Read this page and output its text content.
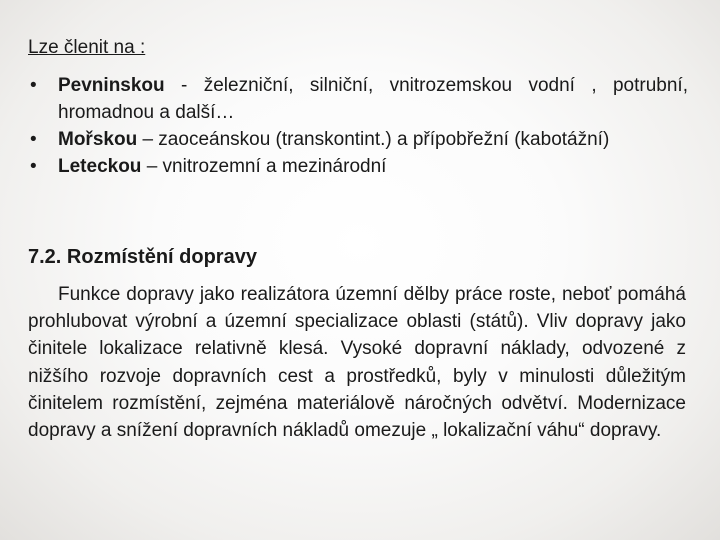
Lze členit na :

•	Pevninskou - železniční, silniční, vnitrozemskou vodní , potrubní, hromadnou a další…
•	Mořskou – zaoceánskou (transkontint.) a přípobřežní (kabotážní)
•	Leteckou – vnitrozemní a mezinárodní
7.2. Rozmístění dopravy

Funkce dopravy jako realizátora územní dělby práce roste, neboť pomáhá prohlubovat výrobní a územní specializace oblasti (států). Vliv dopravy jako činitele lokalizace relativně klesá. Vysoké dopravní náklady, odvozené z nižšího rozvoje dopravních cest a prostředků, byly v minulosti důležitým činitelem rozmístění, zejména materiálově náročných odvětví. Modernizace dopravy a snížení dopravních nákladů omezuje „ lokalizační váhu“ dopravy.
